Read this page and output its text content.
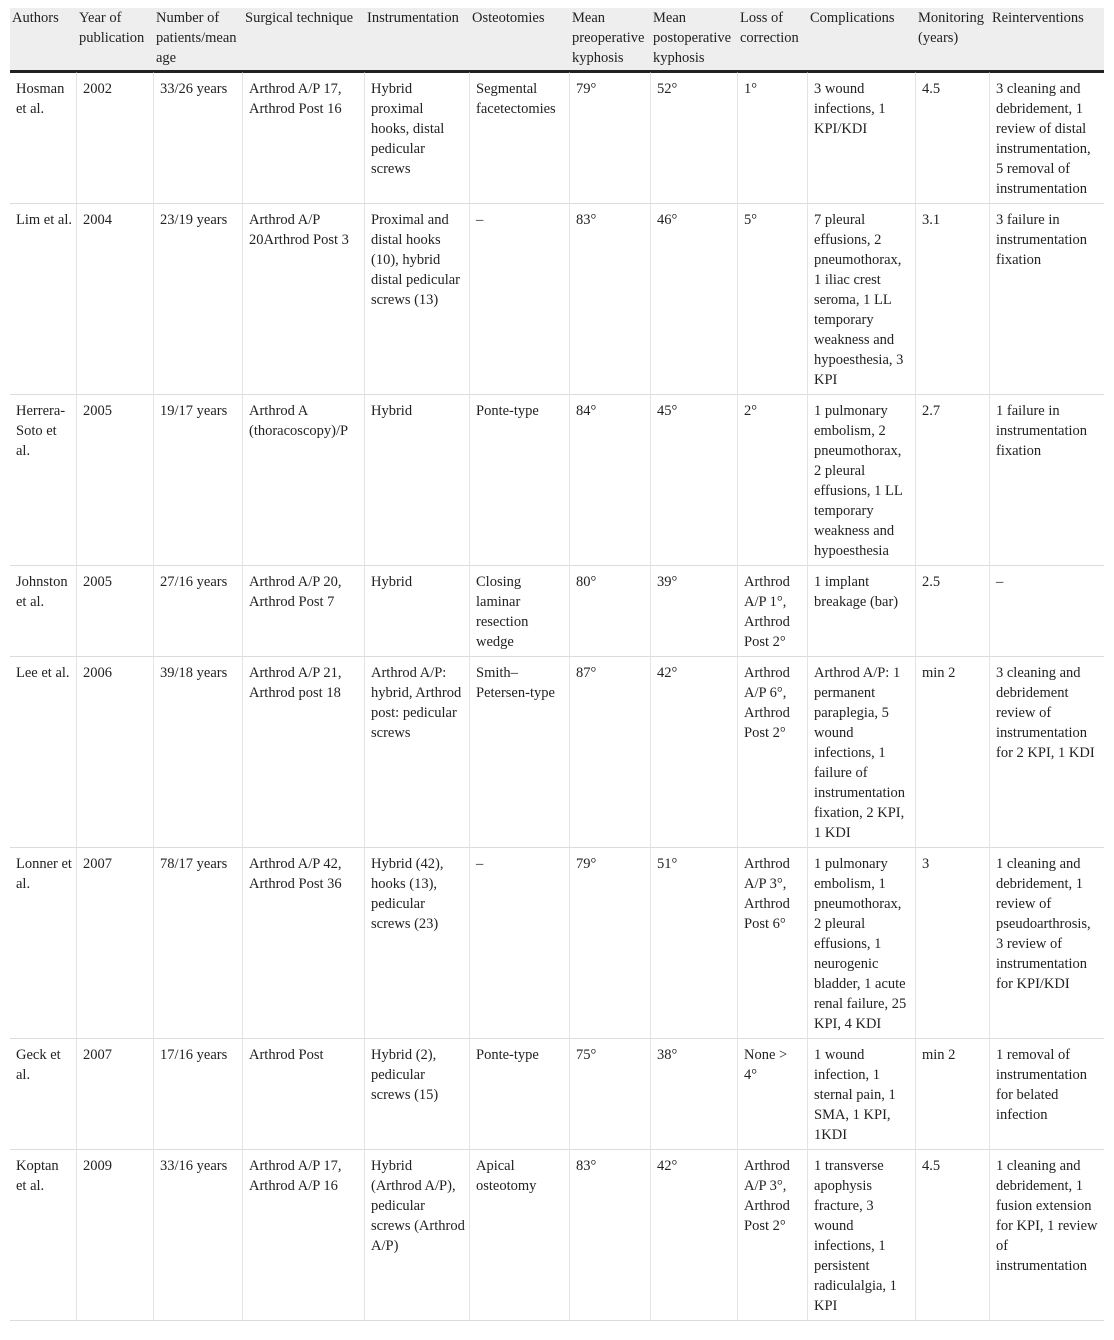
Authors	Year of publication	Number of patients/mean age	Surgical technique	Instrumentation	Osteotomies	Mean preoperative kyphosis	Mean postoperative kyphosis	Loss of correction	Complications	Monitoring (years)	Reinterventions
Hosman et al.	2002	33/26 years	Arthrod A/P 17, Arthrod Post 16	Hybrid proximal hooks, distal pedicular screws	Segmental facetectomies	79°	52°	1°	3 wound infections, 1 KPI/KDI	4.5	3 cleaning and debridement, 1 review of distal instrumentation, 5 removal of instrumentation
Lim et al.	2004	23/19 years	Arthrod A/P 20Arthrod Post 3	Proximal and distal hooks (10), hybrid distal pedicular screws (13)	–	83°	46°	5°	7 pleural effusions, 2 pneumothorax, 1 iliac crest seroma, 1 LL temporary weakness and hypoesthesia, 3 KPI	3.1	3 failure in instrumentation fixation
Herrera-Soto et al.	2005	19/17 years	Arthrod A (thoracoscopy)/P	Hybrid	Ponte-type	84°	45°	2°	1 pulmonary embolism, 2 pneumothorax, 2 pleural effusions, 1 LL temporary weakness and hypoesthesia	2.7	1 failure in instrumentation fixation
Johnston et al.	2005	27/16 years	Arthrod A/P 20, Arthrod Post 7	Hybrid	Closing laminar resection wedge	80°	39°	Arthrod A/P 1°, Arthrod Post 2°	1 implant breakage (bar)	2.5	–
Lee et al.	2006	39/18 years	Arthrod A/P 21, Arthrod post 18	Arthrod A/P: hybrid, Arthrod post: pedicular screws	Smith–Petersen-type	87°	42°	Arthrod A/P 6°, Arthrod Post 2°	Arthrod A/P: 1 permanent paraplegia, 5 wound infections, 1 failure of instrumentation fixation, 2 KPI, 1 KDI	min 2	3 cleaning and debridement review of instrumentation for 2 KPI, 1 KDI
Lonner et al.	2007	78/17 years	Arthrod A/P 42, Arthrod Post 36	Hybrid (42), hooks (13), pedicular screws (23)	–	79°	51°	Arthrod A/P 3°, Arthrod Post 6°	1 pulmonary embolism, 1 pneumothorax, 2 pleural effusions, 1 neurogenic bladder, 1 acute renal failure, 25 KPI, 4 KDI	3	1 cleaning and debridement, 1 review of pseudoarthrosis, 3 review of instrumentation for KPI/KDI
Geck et al.	2007	17/16 years	Arthrod Post	Hybrid (2), pedicular screws (15)	Ponte-type	75°	38°	None > 4°	1 wound infection, 1 sternal pain, 1 SMA, 1 KPI, 1KDI	min 2	1 removal of instrumentation for belated infection
Koptan et al.	2009	33/16 years	Arthrod A/P 17, Arthrod A/P 16	Hybrid (Arthrod A/P), pedicular screws (Arthrod A/P)	Apical osteotomy	83°	42°	Arthrod A/P 3°, Arthrod Post 2°	1 transverse apophysis fracture, 3 wound infections, 1 persistent radiculalgia, 1 KPI	4.5	1 cleaning and debridement, 1 fusion extension for KPI, 1 review of instrumentation
